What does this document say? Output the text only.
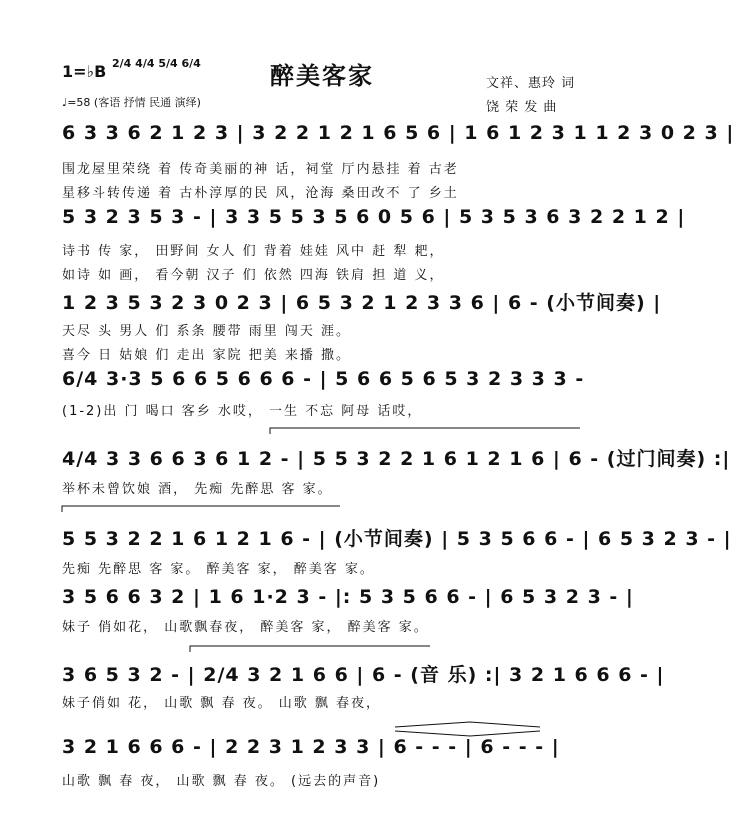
1=♭B 2/4 4/4 5/4 6/4	醉美客家
♩=58 (客语 抒情 民通 演绎)
文祥、惠玲 词
饶 荣 发 曲
6 3 3 6 2 1 2 3 | 3 2 2 1 2 1 6 5 6 | 1 6 1 2 3 1 1 2 3 0 2 3 |
围龙屋里荣绕 着 传奇美丽的神 话，祠堂 厅内悬挂 着 古老
星移斗转传递 着 古朴淳厚的民 风，沧海 桑田改不 了 乡土
5 3 2 3 5 3 - | 3 3 5 5 3 5 6 0 5 6 | 5 3 5 3 6 3 2 2 1 2 |
诗书 传 家， 田野间 女人 们 背着 娃娃 风中 赶 犁 耙，
如诗 如 画， 看今朝 汉子 们 依然 四海 铁肩 担 道 义，
1 2 3 5 3 2 3 0 2 3 | 6 5 3 2 1 2 3 3 6 | 6 - (小节间奏) |
天尽 头 男人 们 系条 腰带 雨里 闯天 涯。
喜今 日 姑娘 们 走出 家院 把美 来播 撒。
6/4 3·3 5 6 6 5 6 6 6 - | 5 6 6 5 6 5 3 2 3 3 3 -
(1-2)出 门 喝口 客乡 水哎， 一生 不忘 阿母 话哎，
4/4 3 3 6 6 3 6 1 2 - | 5 5 3 2 2 1 6 1 2 1 6 | 6 - (过门间奏) :|
举杯未曾饮娘 酒， 先痴 先醉思 客 家。
5 5 3 2 2 1 6 1 2 1 6 - | (小节间奏) | 5 3 5 6 6 - | 6 5 3 2 3 - |
先痴 先醉思 客 家。 醉美客 家， 醉美客 家。
3 5 6 6 3 2 | 1 6 1·2 3 - |: 5 3 5 6 6 - | 6 5 3 2 3 - |
妹子 俏如花， 山歌飘春夜， 醉美客 家， 醉美客 家。
3 6 5 3 2 - | 2/4 3 2 1 6 6 | 6 - (音 乐) :| 3 2 1 6 6 6 - |
妹子俏如 花， 山歌 飘 春 夜。 山歌 飘 春夜，
3 2 1 6 6 6 - | 2 2 3 1 2 3 3 | 6 - - - | 6 - - - |
山歌 飘 春 夜， 山歌 飘 春 夜。 (远去的声音)
